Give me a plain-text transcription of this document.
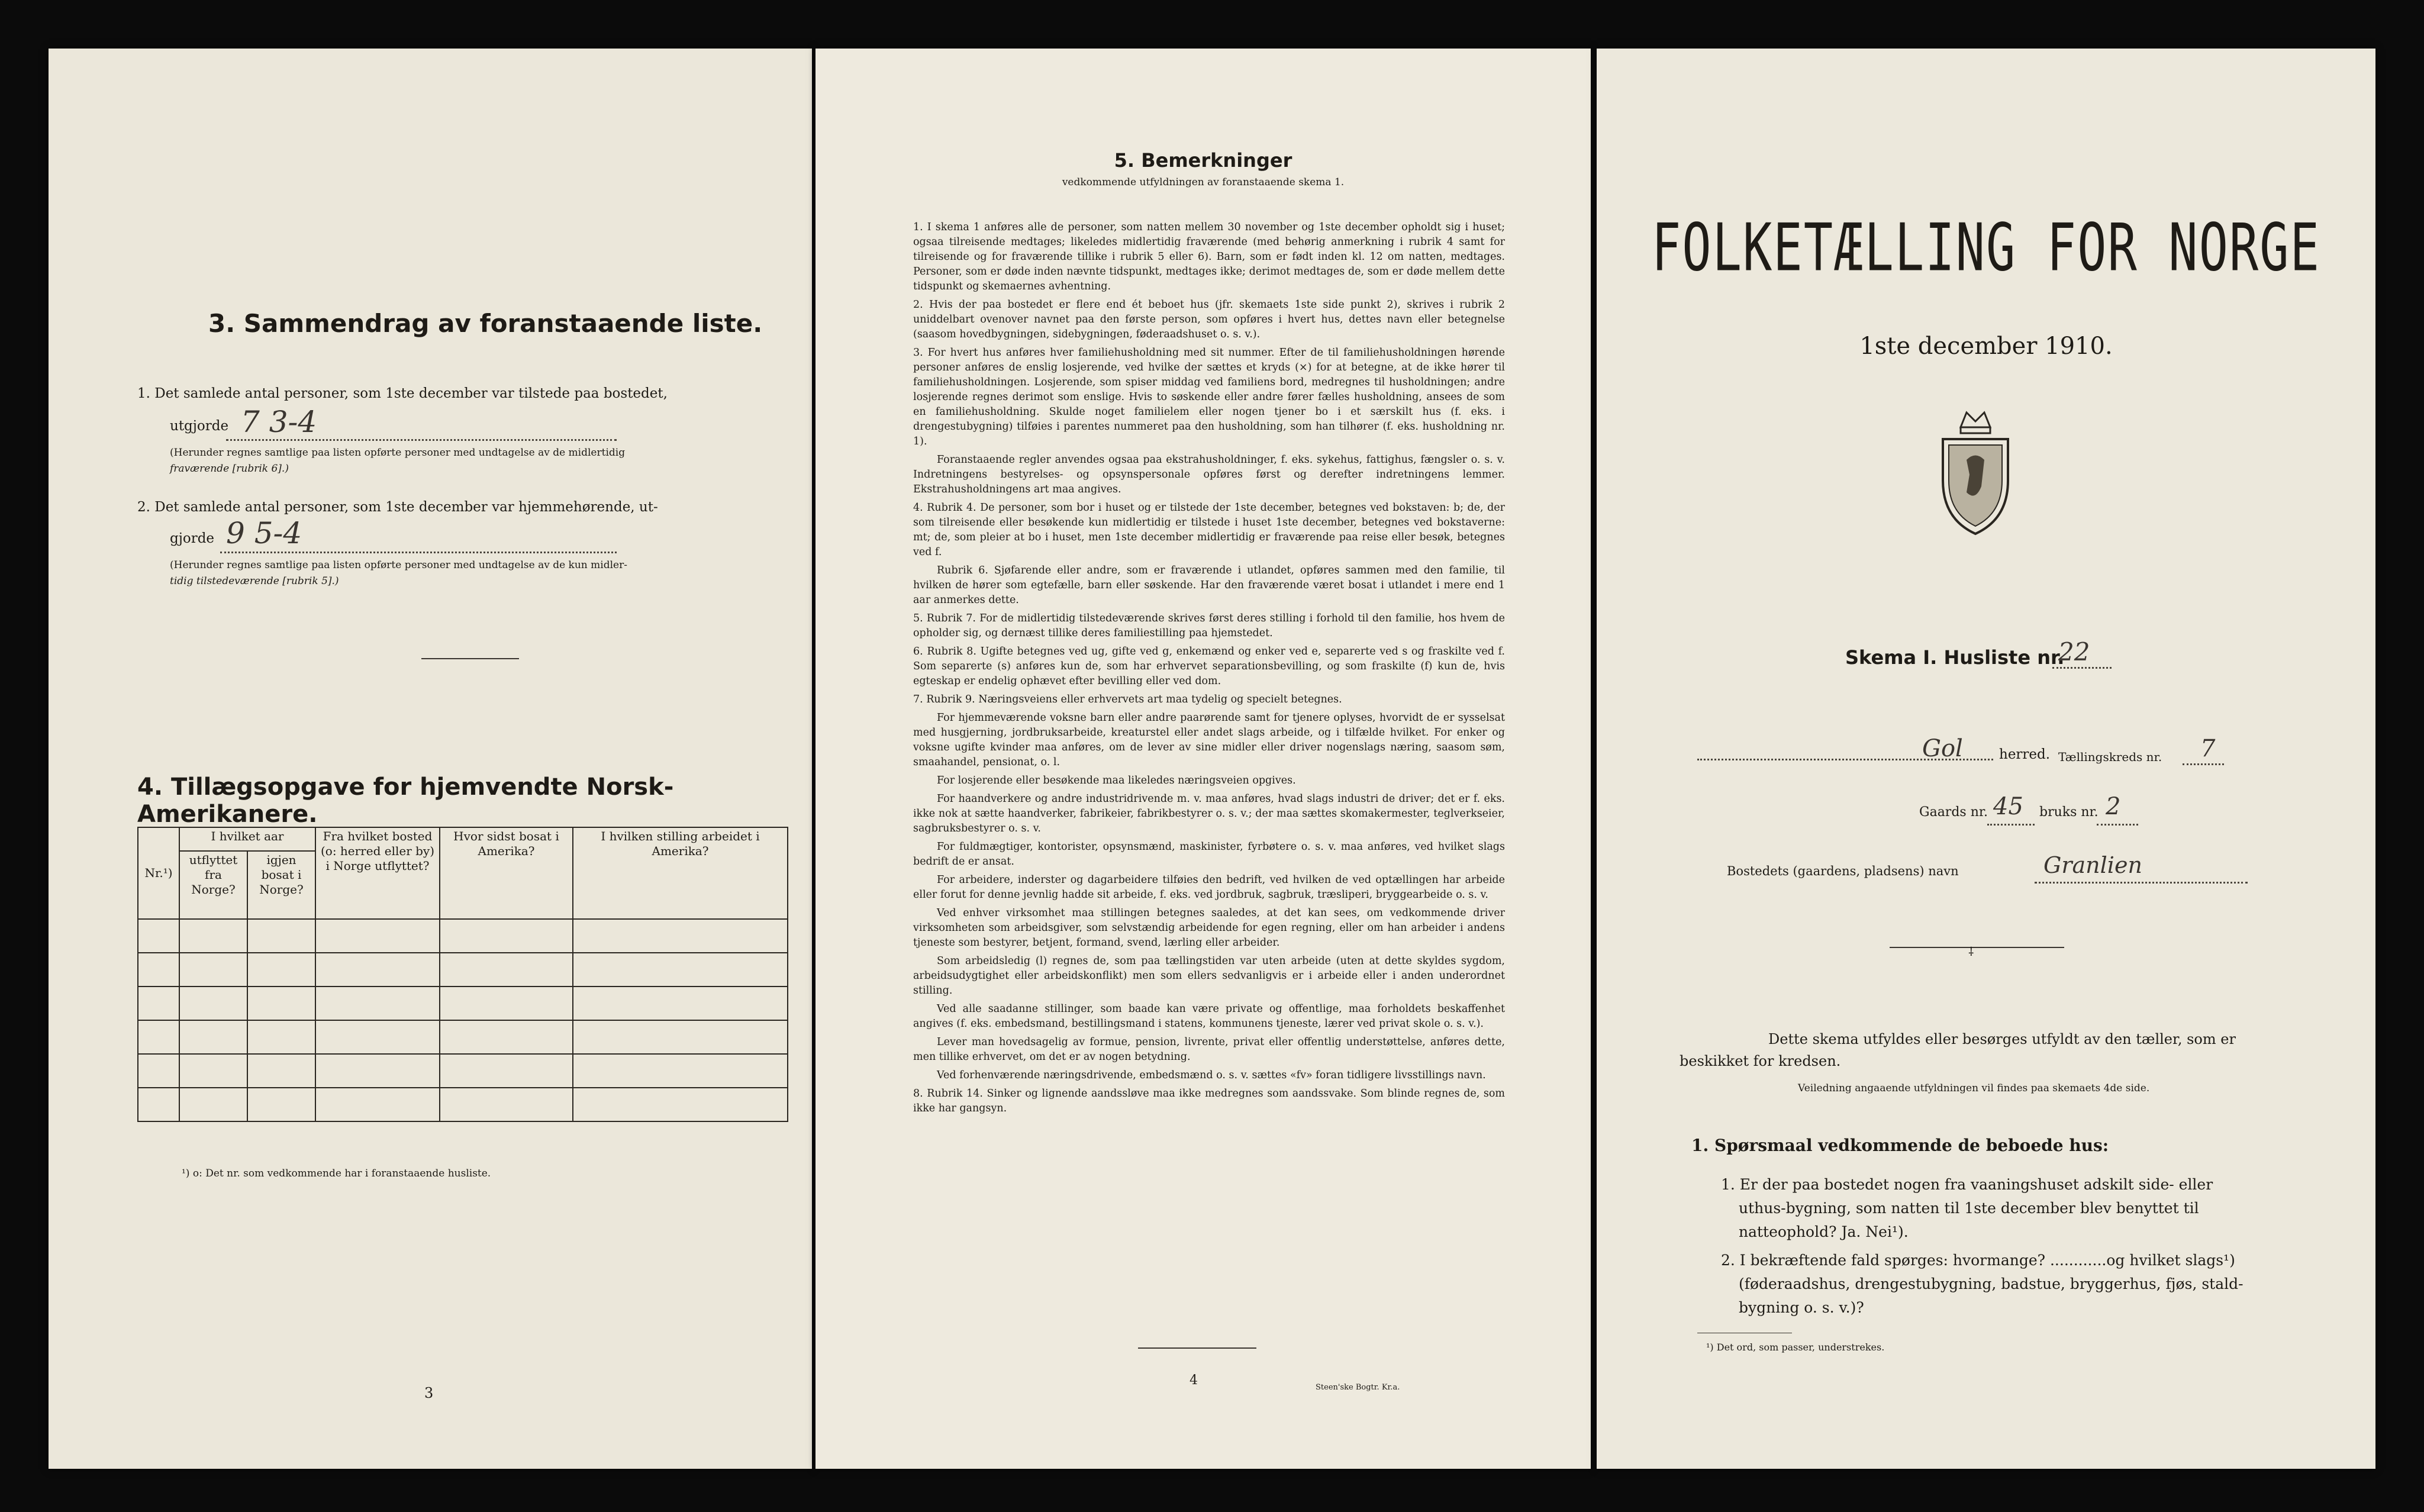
3. Sammendrag av foranstaaende liste.
1. Det samlede antal personer, som 1ste december var tilstede paa bostedet,
utgjorde 7 3-4
(Herunder regnes samtlige paa listen opførte personer med undtagelse av de midlertidig
fraværende [rubrik 6].)
2. Det samlede antal personer, som 1ste december var hjemmehørende, ut-
gjorde 9 5-4
(Herunder regnes samtlige paa listen opførte personer med undtagelse av de kun midler-
tidig tilstedeværende [rubrik 5].)
4. Tillægsopgave for hjemvendte Norsk-Amerikanere.
Nr.¹)	I hvilket aar		Fra hvilket bosted (o: herred eller by) i Norge utflyttet?	Hvor sidst bosat i Amerika?	I hvilken stilling arbeidet i Amerika?
	utflyttet fra Norge?	igjen bosat i Norge?			

¹) o: Det nr. som vedkommende har i foranstaaende husliste.
3
5. Bemerkninger
vedkommende utfyldningen av foranstaaende skema 1.

1. I skema 1 anføres alle de personer, som natten mellem 30 november og 1ste december opholdt sig i huset; ogsaa tilreisende medtages; likeledes midlertidig fraværende (med behørig anmerkning i rubrik 4 samt for tilreisende og for fraværende tillike i rubrik 5 eller 6). Barn, som er født inden kl. 12 om natten, medtages. Personer, som er døde inden nævnte tidspunkt, medtages ikke; derimot medtages de, som er døde mellem dette tidspunkt og skemaernes avhentning.

2. Hvis der paa bostedet er flere end ét beboet hus (jfr. skemaets 1ste side punkt 2), skrives i rubrik 2 uniddelbart ovenover navnet paa den første person, som opføres i hvert hus, dettes navn eller betegnelse (saasom hovedbygningen, sidebygningen, føderaadshuset o. s. v.).

3. For hvert hus anføres hver familiehusholdning med sit nummer. Efter de til familiehusholdningen hørende personer anføres de enslig losjerende, ved hvilke der sættes et kryds (×) for at betegne, at de ikke hører til familiehusholdningen. Losjerende, som spiser middag ved familiens bord, medregnes til husholdningen; andre losjerende regnes derimot som enslige. Hvis to søskende eller andre fører fælles husholdning, ansees de som en familiehusholdning. Skulde noget familielem eller nogen tjener bo i et særskilt hus (f. eks. i drengestubygning) tilføies i parentes nummeret paa den husholdning, som han tilhører (f. eks. husholdning nr. 1).

Foranstaaende regler anvendes ogsaa paa ekstrahusholdninger, f. eks. sykehus, fattighus, fængsler o. s. v. Indretningens bestyrelses- og opsynspersonale opføres først og derefter indretningens lemmer. Ekstrahusholdningens art maa angives.

4. Rubrik 4. De personer, som bor i huset og er tilstede der 1ste december, betegnes ved bokstaven: b; de, der som tilreisende eller besøkende kun midlertidig er tilstede i huset 1ste december, betegnes ved bokstaverne: mt; de, som pleier at bo i huset, men 1ste december midlertidig er fraværende paa reise eller besøk, betegnes ved f.

Rubrik 6. Sjøfarende eller andre, som er fraværende i utlandet, opføres sammen med den familie, til hvilken de hører som egtefælle, barn eller søskende. Har den fraværende været bosat i utlandet i mere end 1 aar anmerkes dette.

5. Rubrik 7. For de midlertidig tilstedeværende skrives først deres stilling i forhold til den familie, hos hvem de opholder sig, og dernæst tillike deres familiestilling paa hjemstedet.

6. Rubrik 8. Ugifte betegnes ved ug, gifte ved g, enkemænd og enker ved e, separerte ved s og fraskilte ved f. Som separerte (s) anføres kun de, som har erhvervet separationsbevilling, og som fraskilte (f) kun de, hvis egteskap er endelig ophævet efter bevilling eller ved dom.

7. Rubrik 9. Næringsveiens eller erhvervets art maa tydelig og specielt betegnes.

For hjemmeværende voksne barn eller andre paarørende samt for tjenere oplyses, hvorvidt de er sysselsat med husgjerning, jordbruksarbeide, kreaturstel eller andet slags arbeide, og i tilfælde hvilket. For enker og voksne ugifte kvinder maa anføres, om de lever av sine midler eller driver nogenslags næring, saasom søm, smaahandel, pensionat, o. l.

For losjerende eller besøkende maa likeledes næringsveien opgives.

For haandverkere og andre industridrivende m. v. maa anføres, hvad slags industri de driver; det er f. eks. ikke nok at sætte haandverker, fabrikeier, fabrikbestyrer o. s. v.; der maa sættes skomakermester, teglverkseier, sagbruksbestyrer o. s. v.

For fuldmægtiger, kontorister, opsynsmænd, maskinister, fyrbøtere o. s. v. maa anføres, ved hvilket slags bedrift de er ansat.

For arbeidere, inderster og dagarbeidere tilføies den bedrift, ved hvilken de ved optællingen har arbeide eller forut for denne jevnlig hadde sit arbeide, f. eks. ved jordbruk, sagbruk, træsliperi, bryggearbeide o. s. v.

Ved enhver virksomhet maa stillingen betegnes saaledes, at det kan sees, om vedkommende driver virksomheten som arbeidsgiver, som selvstændig arbeidende for egen regning, eller om han arbeider i andens tjeneste som bestyrer, betjent, formand, svend, lærling eller arbeider.

Som arbeidsledig (l) regnes de, som paa tællingstiden var uten arbeide (uten at dette skyldes sygdom, arbeidsudygtighet eller arbeidskonflikt) men som ellers sedvanligvis er i arbeide eller i anden underordnet stilling.

Ved alle saadanne stillinger, som baade kan være private og offentlige, maa forholdets beskaffenhet angives (f. eks. embedsmand, bestillingsmand i statens, kommunens tjeneste, lærer ved privat skole o. s. v.).

Lever man hovedsagelig av formue, pension, livrente, privat eller offentlig understøttelse, anføres dette, men tillike erhvervet, om det er av nogen betydning.

Ved forhenværende næringsdrivende, embedsmænd o. s. v. sættes «fv» foran tidligere livsstillings navn.

8. Rubrik 14. Sinker og lignende aandssløve maa ikke medregnes som aandssvake. Som blinde regnes de, som ikke har gangsyn.

4	Steen'ske Bogtr. Kr.a.
FOLKETÆLLING FOR NORGE
1ste december 1910.
Skema I. Husliste nr.
22
Gol	herred. Tællingskreds nr. 7
Gaards nr. 45 bruks nr. 2
Bostedets (gaardens, pladsens) navn	Granlien
⸸
Dette skema utfyldes eller besørges utfyldt av den tæller, som er
beskikket for kredsen.
Veiledning angaaende utfyldningen vil findes paa skemaets 4de side.
1. Spørsmaal vedkommende de beboede hus:
1. Er der paa bostedet nogen fra vaaningshuset adskilt side- eller
uthus-bygning, som natten til 1ste december blev benyttet til
natteophold? Ja. Nei¹).
2. I bekræftende fald spørges: hvormange? ............og hvilket slags¹)
(føderaadshus, drengestubygning, badstue, bryggerhus, fjøs, stald-
bygning o. s. v.)?
¹) Det ord, som passer, understrekes.
